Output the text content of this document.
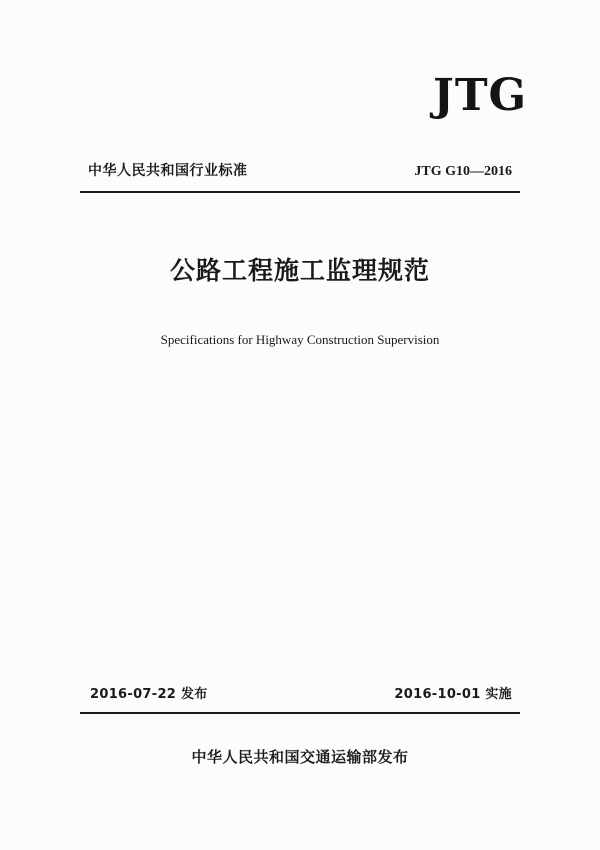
JTG
中华人民共和国行业标准	JTG G10—2016
公路工程施工监理规范
Specifications for Highway Construction Supervision
2016-07-22 发布	2016-10-01 实施
中华人民共和国交通运输部发布
